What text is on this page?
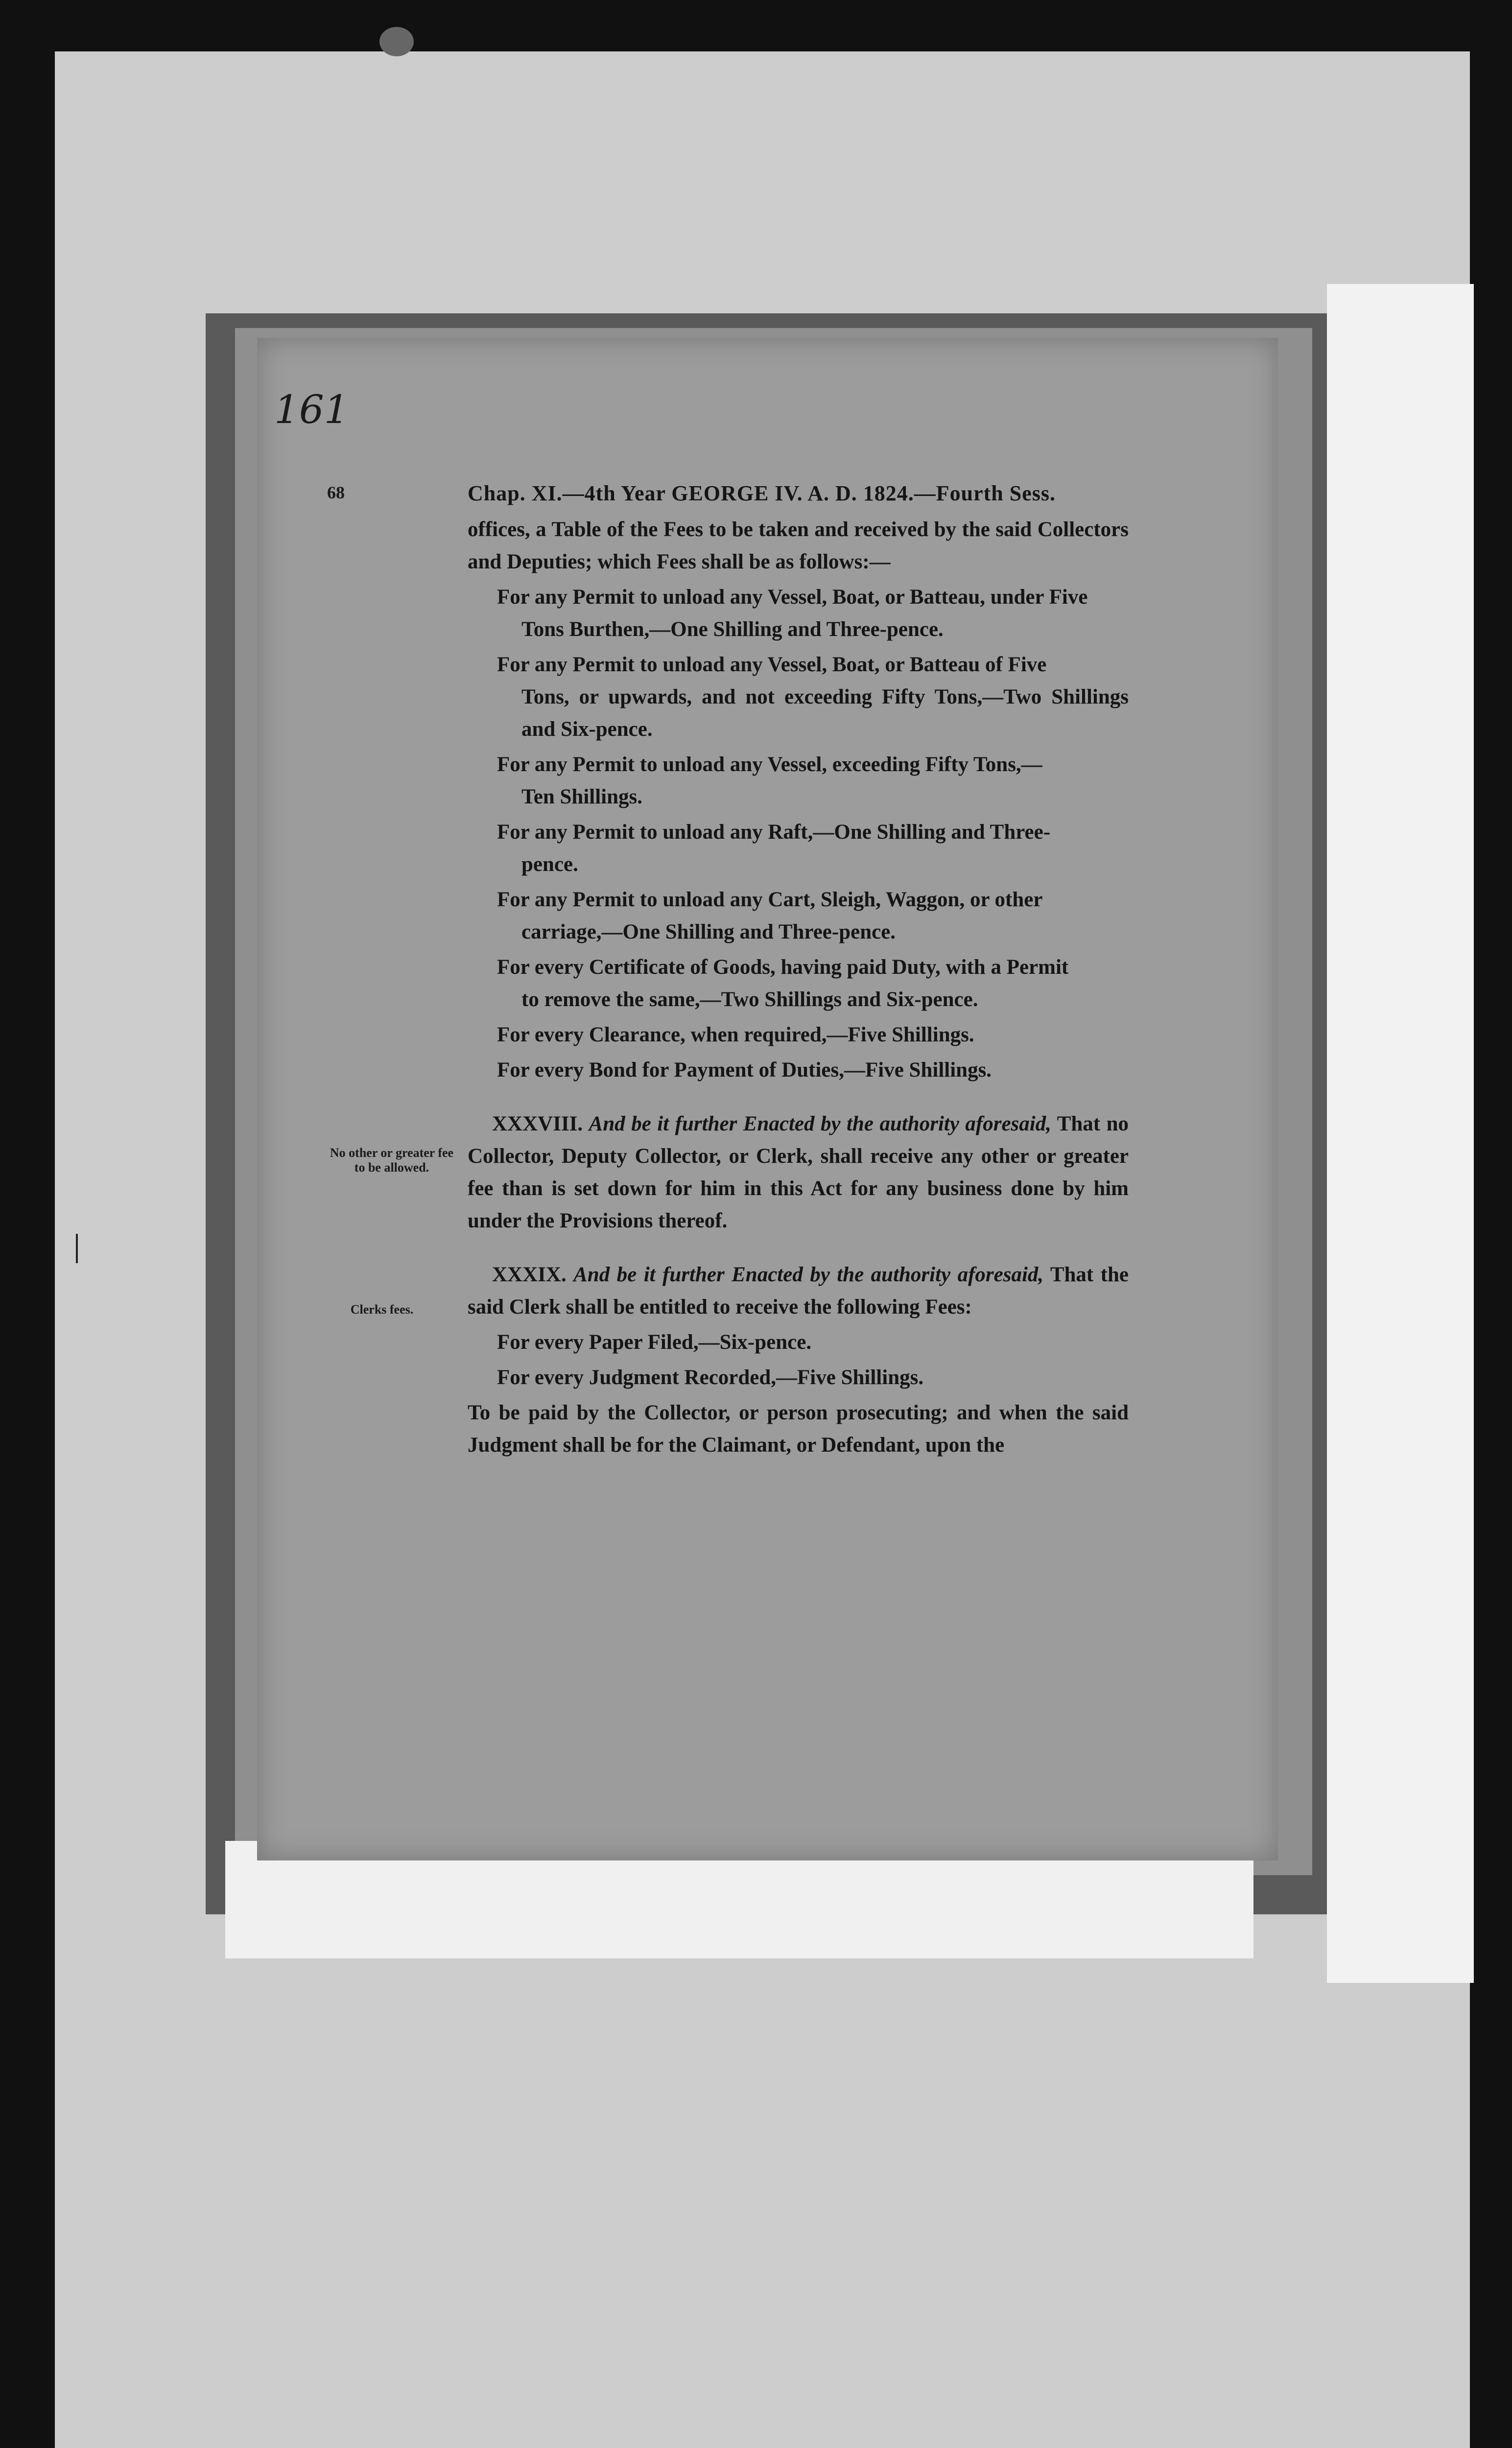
161
68
No other or greater fee to be allowed.
Clerks fees.
Chap. XI.—4th Year GEORGE IV. A. D. 1824.—Fourth Sess.
offices, a Table of the Fees to be taken and received by the said Collectors and Deputies; which Fees shall be as follows:—
For any Permit to unload any Vessel, Boat, or Batteau, under Five
Tons Burthen,—One Shilling and Three-pence.
For any Permit to unload any Vessel, Boat, or Batteau of Five
Tons, or upwards, and not exceeding Fifty Tons,—Two Shillings and Six-pence.
For any Permit to unload any Vessel, exceeding Fifty Tons,—
Ten Shillings.
For any Permit to unload any Raft,—One Shilling and Three-
pence.
For any Permit to unload any Cart, Sleigh, Waggon, or other
carriage,—One Shilling and Three-pence.
For every Certificate of Goods, having paid Duty, with a Permit
to remove the same,—Two Shillings and Six-pence.
For every Clearance, when required,—Five Shillings.
For every Bond for Payment of Duties,—Five Shillings.
XXXVIII. And be it further Enacted by the authority aforesaid, That no Collector, Deputy Collector, or Clerk, shall receive any other or greater fee than is set down for him in this Act for any business done by him under the Provisions thereof.
XXXIX. And be it further Enacted by the authority aforesaid, That the said Clerk shall be entitled to receive the following Fees:
For every Paper Filed,—Six-pence.
For every Judgment Recorded,—Five Shillings.
To be paid by the Collector, or person prosecuting; and when the said Judgment shall be for the Claimant, or Defendant, upon the
